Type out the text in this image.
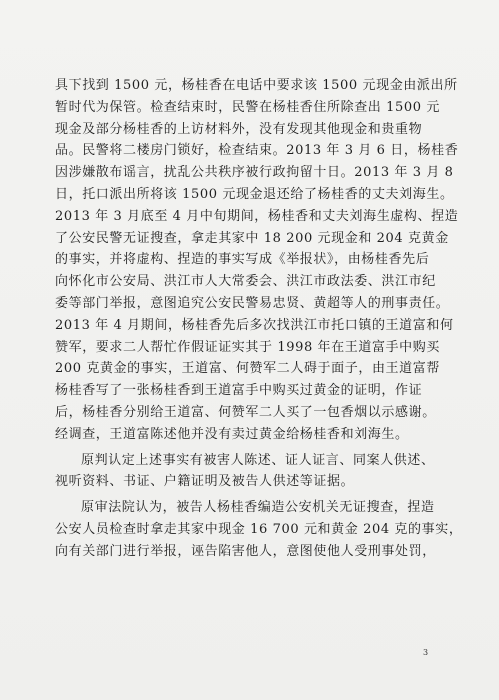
具下找到 1500 元，杨桂香在电话中要求该 1500 元现金由派出所
暂时代为保管。检查结束时，民警在杨桂香住所除查出 1500 元
现金及部分杨桂香的上访材料外，没有发现其他现金和贵重物
品。民警将二楼房门锁好，检查结束。2013 年 3 月 6 日，杨桂香
因涉嫌散布谣言，扰乱公共秩序被行政拘留十日。2013 年 3 月 8
日，托口派出所将该 1500 元现金退还给了杨桂香的丈夫刘海生。
2013 年 3 月底至 4 月中旬期间，杨桂香和丈夫刘海生虚构、捏造
了公安民警无证搜查，拿走其家中 18 200 元现金和 204 克黄金
的事实，并将虚构、捏造的事实写成《举报状》，由杨桂香先后
向怀化市公安局、洪江市人大常委会、洪江市政法委、洪江市纪
委等部门举报，意图追究公安民警易忠贤、黄超等人的刑事责任。
2013 年 4 月期间，杨桂香先后多次找洪江市托口镇的王道富和何
赞军，要求二人帮忙作假证证实其于 1998 年在王道富手中购买
200 克黄金的事实，王道富、何赞军二人碍于面子，由王道富帮
杨桂香写了一张杨桂香到王道富手中购买过黄金的证明，作证
后，杨桂香分别给王道富、何赞军二人买了一包香烟以示感谢。
经调查，王道富陈述他并没有卖过黄金给杨桂香和刘海生。
原判认定上述事实有被害人陈述、证人证言、同案人供述、
视听资料、书证、户籍证明及被告人供述等证据。
原审法院认为，被告人杨桂香编造公安机关无证搜查，捏造
公安人员检查时拿走其家中现金 16 700 元和黄金 204 克的事实，
向有关部门进行举报，诬告陷害他人，意图使他人受刑事处罚，
3
